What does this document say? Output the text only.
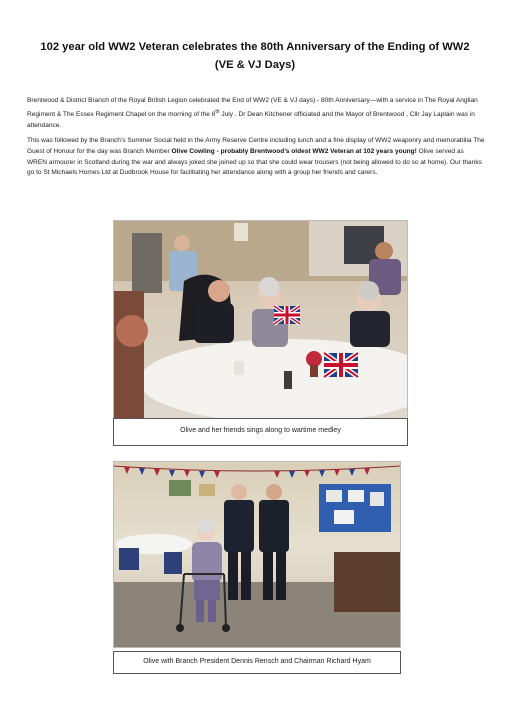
102 year old WW2 Veteran celebrates the 80th Anniversary of the Ending of WW2
(VE & VJ Days)

Brentwood & District Branch of the Royal British Legion celebrated the End of WW2 (VE & VJ days) - 80th Anniversary—with a service in The Royal Anglian Regiment & The Essex Regiment Chapel on the morning of the 6th July . Dr Dean Kitchener officiated and the Mayor of Brentwood , Cllr Jay Laplain was in attendance.

This was followed by the Branch’s Summer Social held in the Army Reserve Centre including lunch and a fine display of WW2 weaponry and memorabilia The Guest of Honour for the day was Branch Member Olive Cowling - probably Brentwood’s oldest WW2 Veteran at 102 years young! Olive served as WREN armourer in Scotland during the war and always joked she joined up so that she could wear trousers (not being allowed to do so at home). Our thanks go to St Michaels Homes Ltd at Dudbrook House for facilitating her attendance along with a group her friends and carers.

Olive and her friends sings along to wartime medley
Olive with Branch President Dennis Rensch and Chairman Richard Hyam
